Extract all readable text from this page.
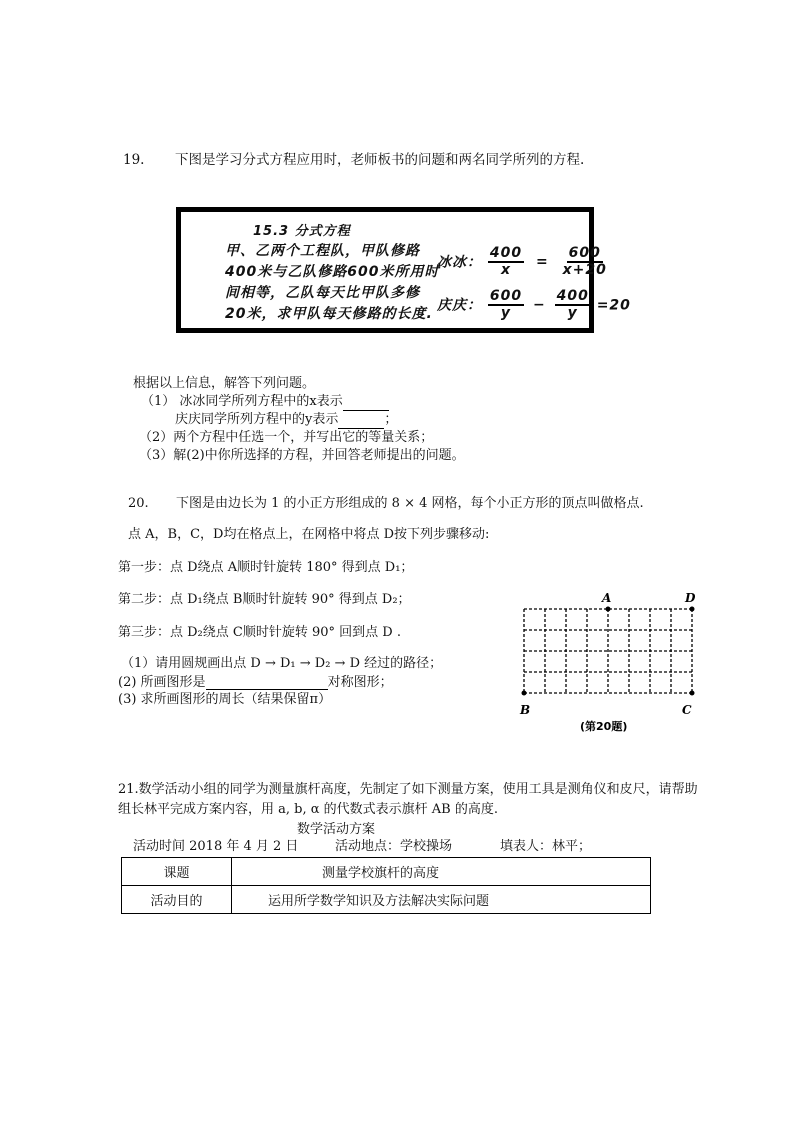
19. 下图是学习分式方程应用时，老师板书的问题和两名同学所列的方程.
15.3 分式方程
甲、乙两个工程队，甲队修路
400米与乙队修路600米所用时
间相等，乙队每天比甲队多修
20米，求甲队每天修路的长度.
冰冰： $\frac{400}{x} = \frac{600}{x+20}$
庆庆： $\frac{600}{y} - \frac{400}{y} =20$
根据以上信息，解答下列问题。
（1） 冰冰同学所列方程中的x表示
庆庆同学所列方程中的y表示	；
（2）两个方程中任选一个，并写出它的等量关系；
（3）解(2)中你所选择的方程，并回答老师提出的问题。
20. 下图是由边长为 1 的小正方形组成的 8 × 4 网格，每个小正方形的顶点叫做格点.
点 A，B，C，D均在格点上，在网格中将点 D按下列步骤移动:
第一步：点 D绕点 A顺时针旋转 180° 得到点 D₁；
第二步：点 D₁绕点 B顺时针旋转 90° 得到点 D₂；
第三步：点 D₂绕点 C顺时针旋转 90° 回到点 D .
（1）请用圆规画出点 D → D₁ → D₂ → D 经过的路径；
(2) 所画图形是	对称图形；
(3) 求所画图形的周长（结果保留π）
A	D
B	C
(第20题)
21.数学活动小组的同学为测量旗杆高度，先制定了如下测量方案，使用工具是测角仪和皮尺，请帮助组长林平完成方案内容，用 a, b, α 的代数式表示旗杆 AB 的高度.
数学活动方案
活动时间 2018 年 4 月 2 日	活动地点：学校操场	填表人：林平；
课题	测量学校旗杆的高度
活动目的	运用所学数学知识及方法解决实际问题
